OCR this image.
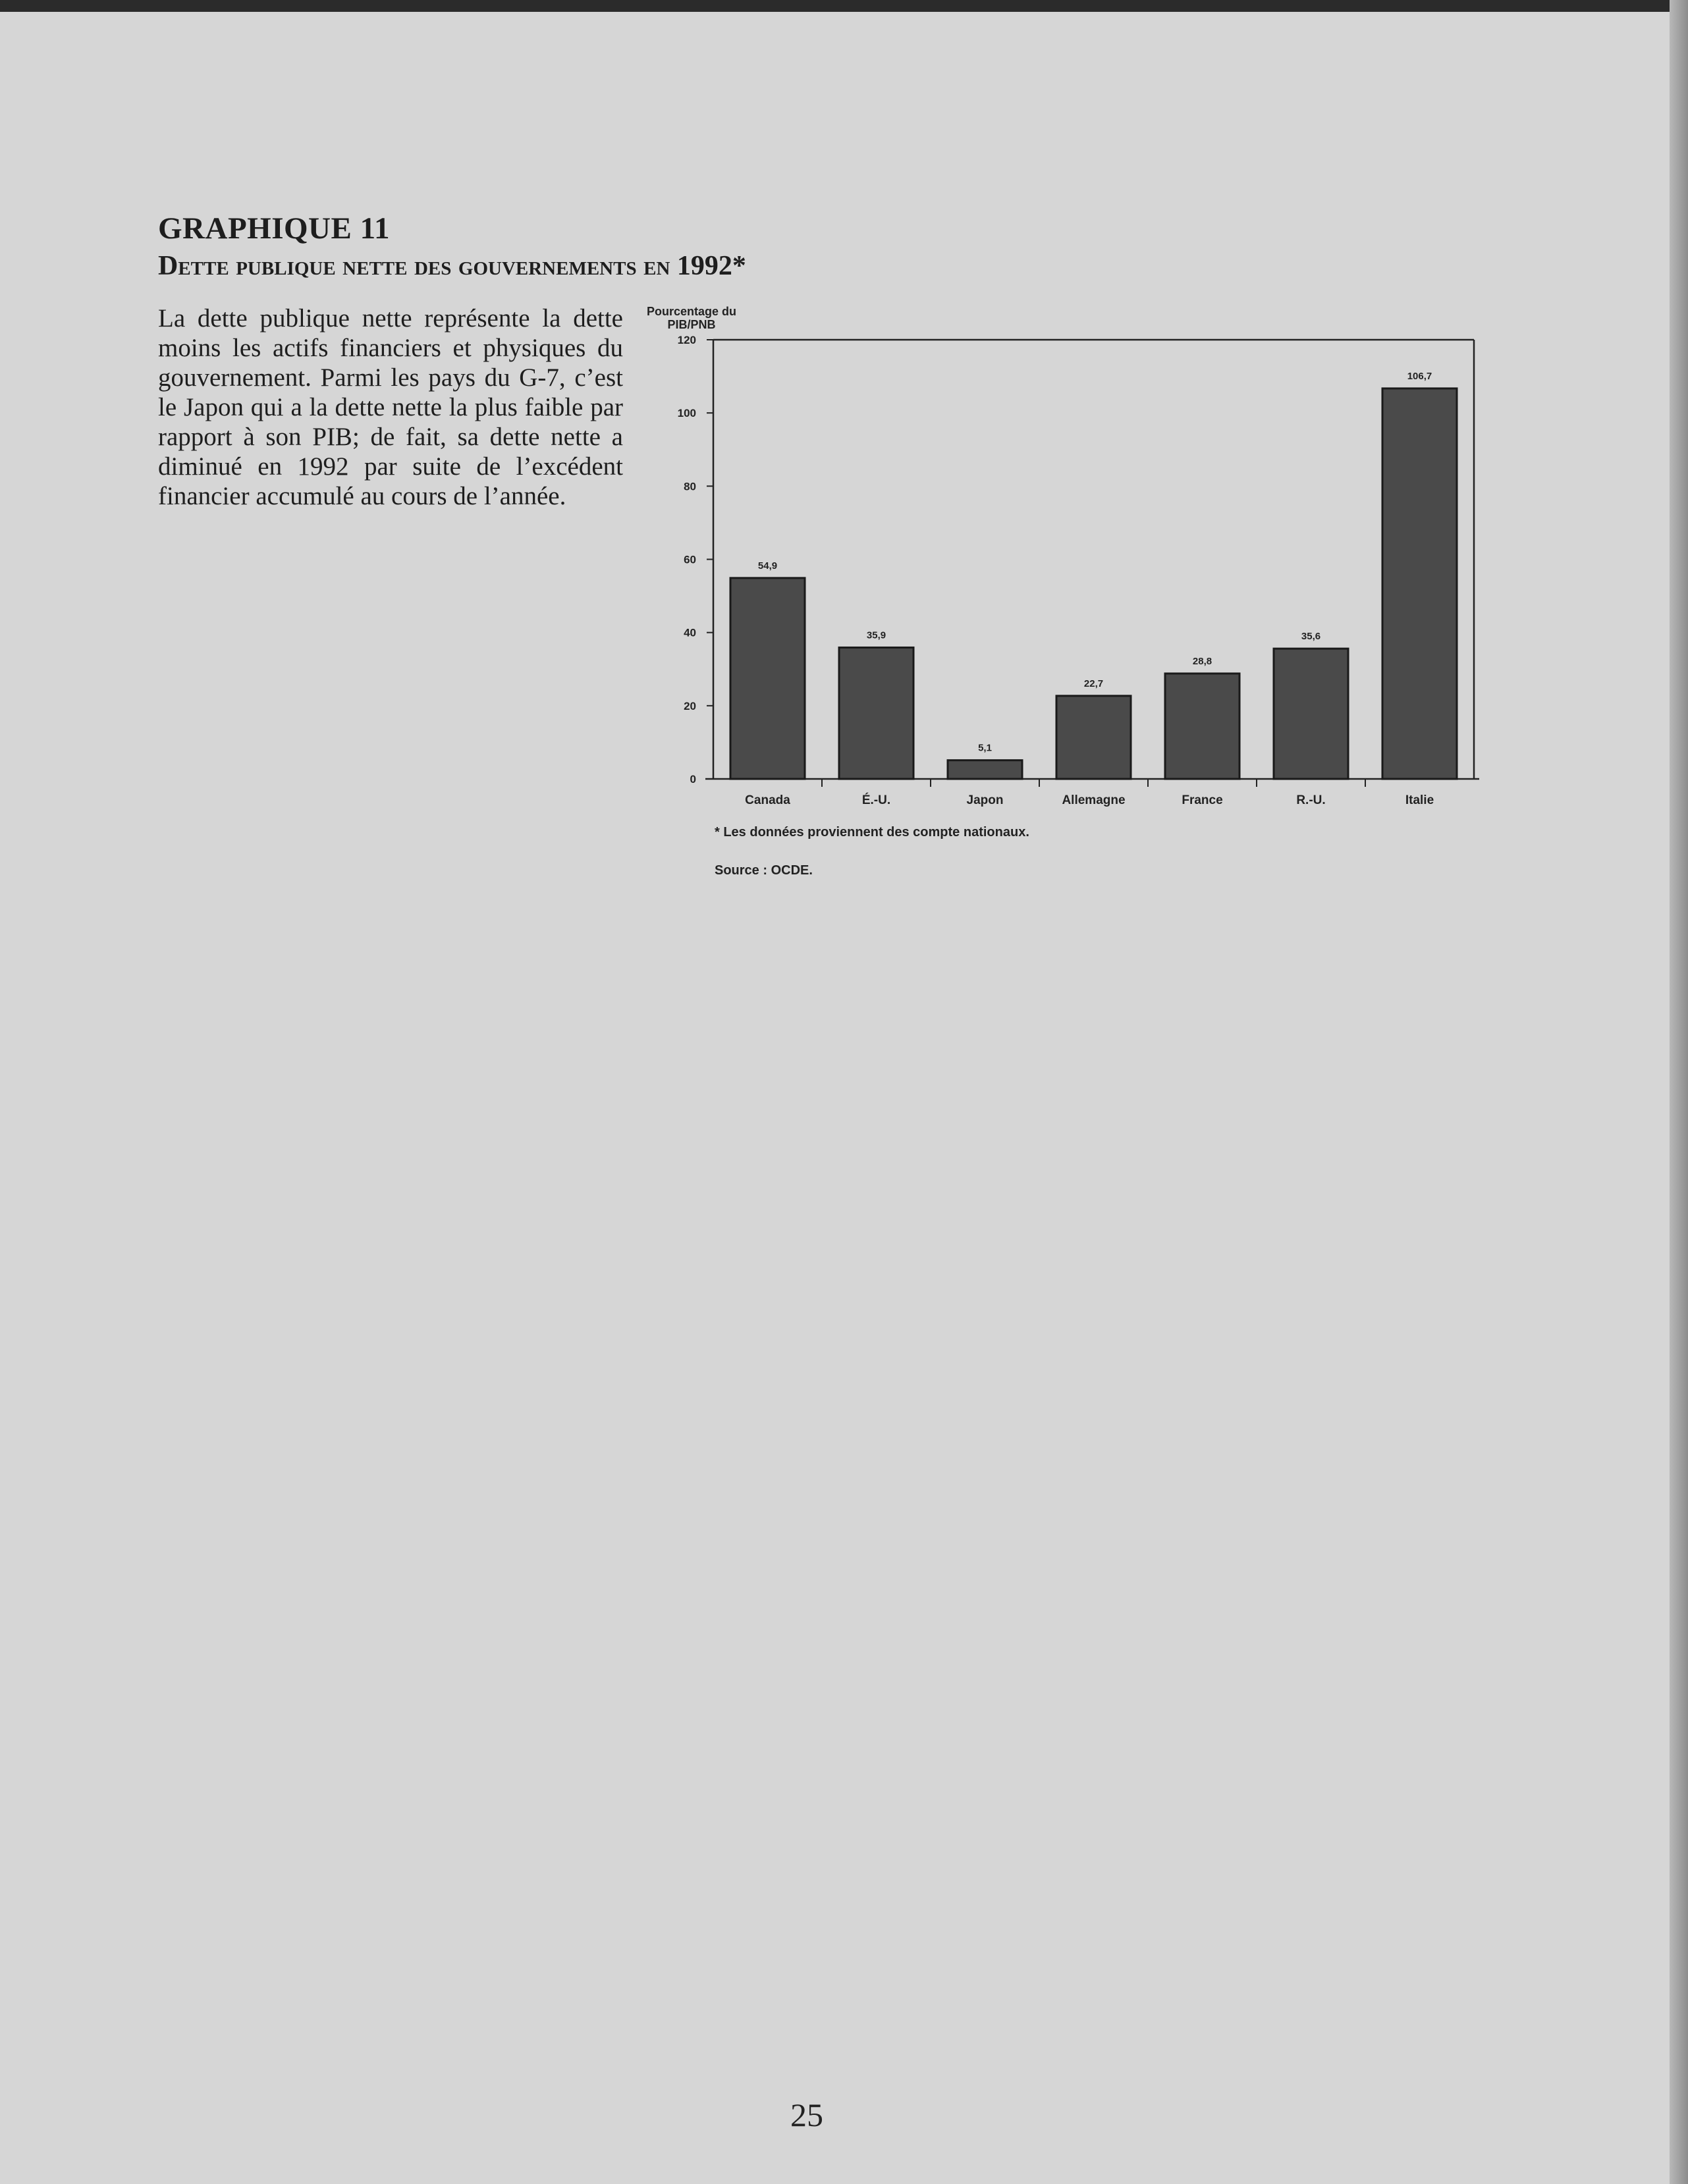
GRAPHIQUE 11
Dette publique nette des gouvernements en 1992*
La dette publique nette représente la dette moins les actifs financiers et physiques du gouvernement. Parmi les pays du G-7, c’est le Japon qui a la dette nette la plus faible par rapport à son PIB; de fait, sa dette nette a diminué en 1992 par suite de l’excédent financier accumulé au cours de l’année.
Pourcentage du
PIB/PNB
0
20
40
60
80
100
120
54,9
Canada
35,9
É.-U.
5,1
Japon
22,7
Allemagne
28,8
France
35,6
R.-U.
106,7
Italie
* Les données proviennent des compte nationaux.
Source : OCDE.
25
